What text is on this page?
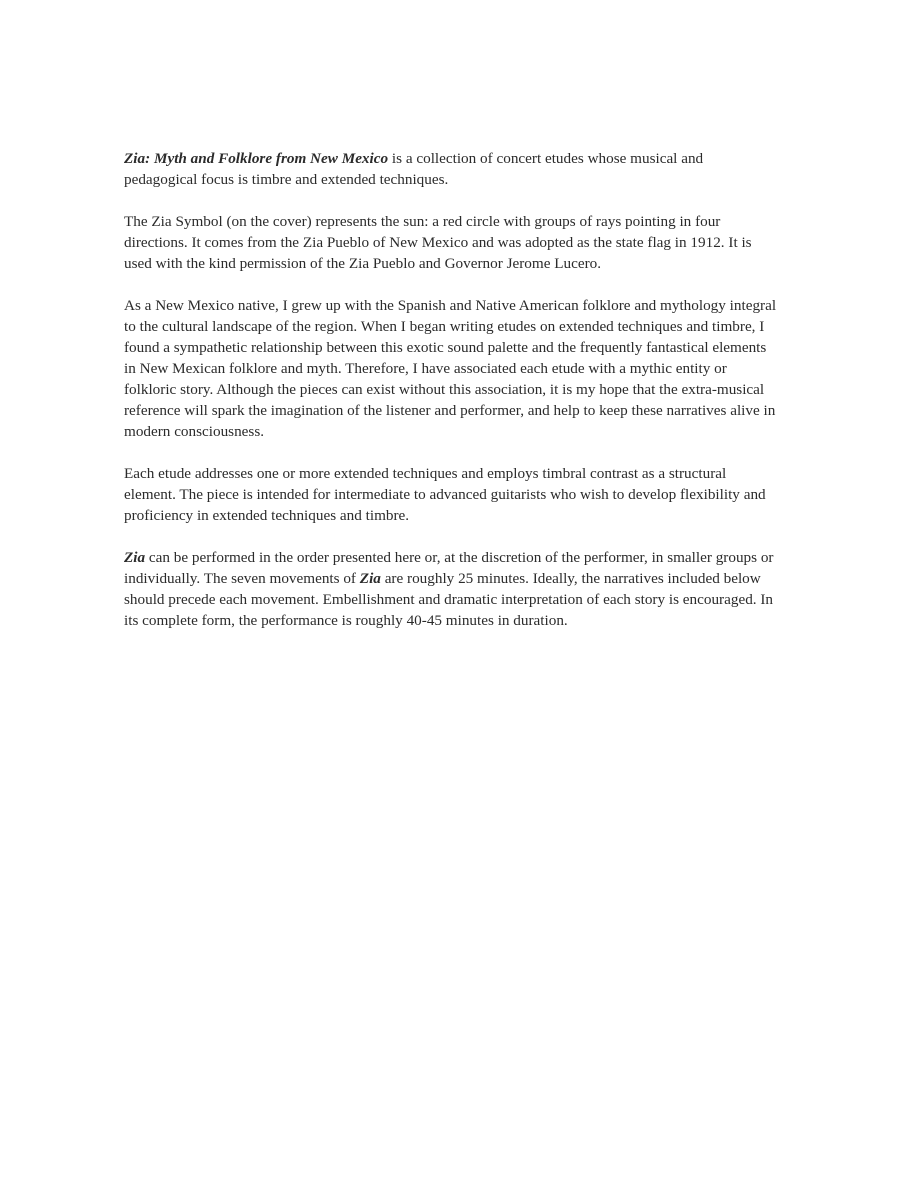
Zia: Myth and Folklore from New Mexico is a collection of concert etudes whose musical and pedagogical focus is timbre and extended techniques.

The Zia Symbol (on the cover) represents the sun: a red circle with groups of rays pointing in four directions. It comes from the Zia Pueblo of New Mexico and was adopted as the state flag in 1912. It is used with the kind permission of the Zia Pueblo and Governor Jerome Lucero.

As a New Mexico native, I grew up with the Spanish and Native American folklore and mythology integral to the cultural landscape of the region. When I began writing etudes on extended techniques and timbre, I found a sympathetic relationship between this exotic sound palette and the frequently fantastical elements in New Mexican folklore and myth. Therefore, I have associated each etude with a mythic entity or folkloric story. Although the pieces can exist without this association, it is my hope that the extra-musical reference will spark the imagination of the listener and performer, and help to keep these narratives alive in modern consciousness.

Each etude addresses one or more extended techniques and employs timbral contrast as a structural element. The piece is intended for intermediate to advanced guitarists who wish to develop flexibility and proficiency in extended techniques and timbre.

Zia can be performed in the order presented here or, at the discretion of the performer, in smaller groups or individually. The seven movements of Zia are roughly 25 minutes. Ideally, the narratives included below should precede each movement. Embellishment and dramatic interpretation of each story is encouraged. In its complete form, the performance is roughly 40-45 minutes in duration.
